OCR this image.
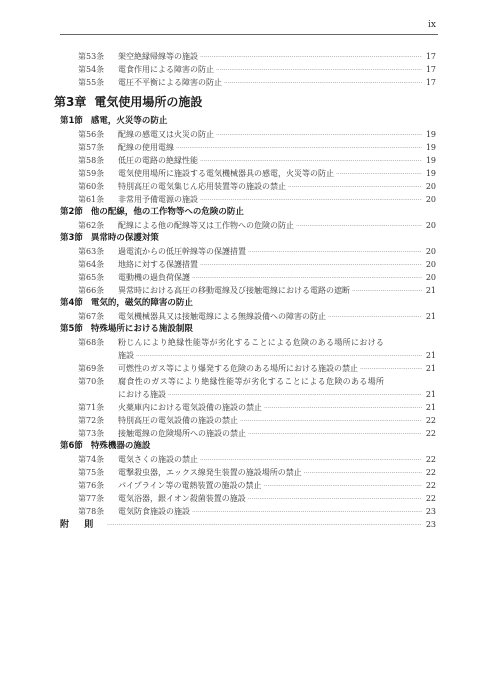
ix
第53条	架空絶縁帰線等の施設 ·····	17
第54条	電食作用による障害の防止 ·····	17
第55条	電圧不平衡による障害の防止 ·····	17
第3章 電気使用場所の施設
第1節 感電，火災等の防止
第56条	配線の感電又は火災の防止 ·····	19
第57条	配線の使用電線 ·····	19
第58条	低圧の電路の絶縁性能 ·····	19
第59条	電気使用場所に施設する電気機械器具の感電，火災等の防止 ·····	19
第60条	特別高圧の電気集じん応用装置等の施設の禁止 ·····	20
第61条	非常用予備電源の施設 ·····	20
第2節 他の配線，他の工作物等への危険の防止
第62条	配線による他の配線等又は工作物への危険の防止 ·····	20
第3節 異常時の保護対策
第63条	過電流からの低圧幹線等の保護措置 ·····	20
第64条	地絡に対する保護措置 ·····	20
第65条	電動機の過負荷保護 ·····	20
第66条	異常時における高圧の移動電線及び接触電線における電路の遮断 ·····	21
第4節 電気的，磁気的障害の防止
第67条	電気機械器具又は接触電線による無線設備への障害の防止 ·····	21
第5節 特殊場所における施設制限
第68条	粉じんにより絶縁性能等が劣化することによる危険のある場所における
施設 ·····	21
第69条	可燃性のガス等により爆発する危険のある場所における施設の禁止 ·····	21
第70条	腐食性のガス等により絶縁性能等が劣化することによる危険のある場所
における施設 ·····	21
第71条	火薬庫内における電気設備の施設の禁止 ·····	21
第72条	特別高圧の電気設備の施設の禁止 ·····	22
第73条	接触電線の危険場所への施設の禁止 ·····	22
第6節 特殊機器の施設
第74条	電気さくの施設の禁止 ·····	22
第75条	電撃殺虫器，エックス線発生装置の施設場所の禁止 ·····	22
第76条	パイプライン等の電熱装置の施設の禁止 ·····	22
第77条	電気浴器，銀イオン殺菌装置の施設 ·····	22
第78条	電気防食施設の施設 ·····	23
附　則 ·····	23
